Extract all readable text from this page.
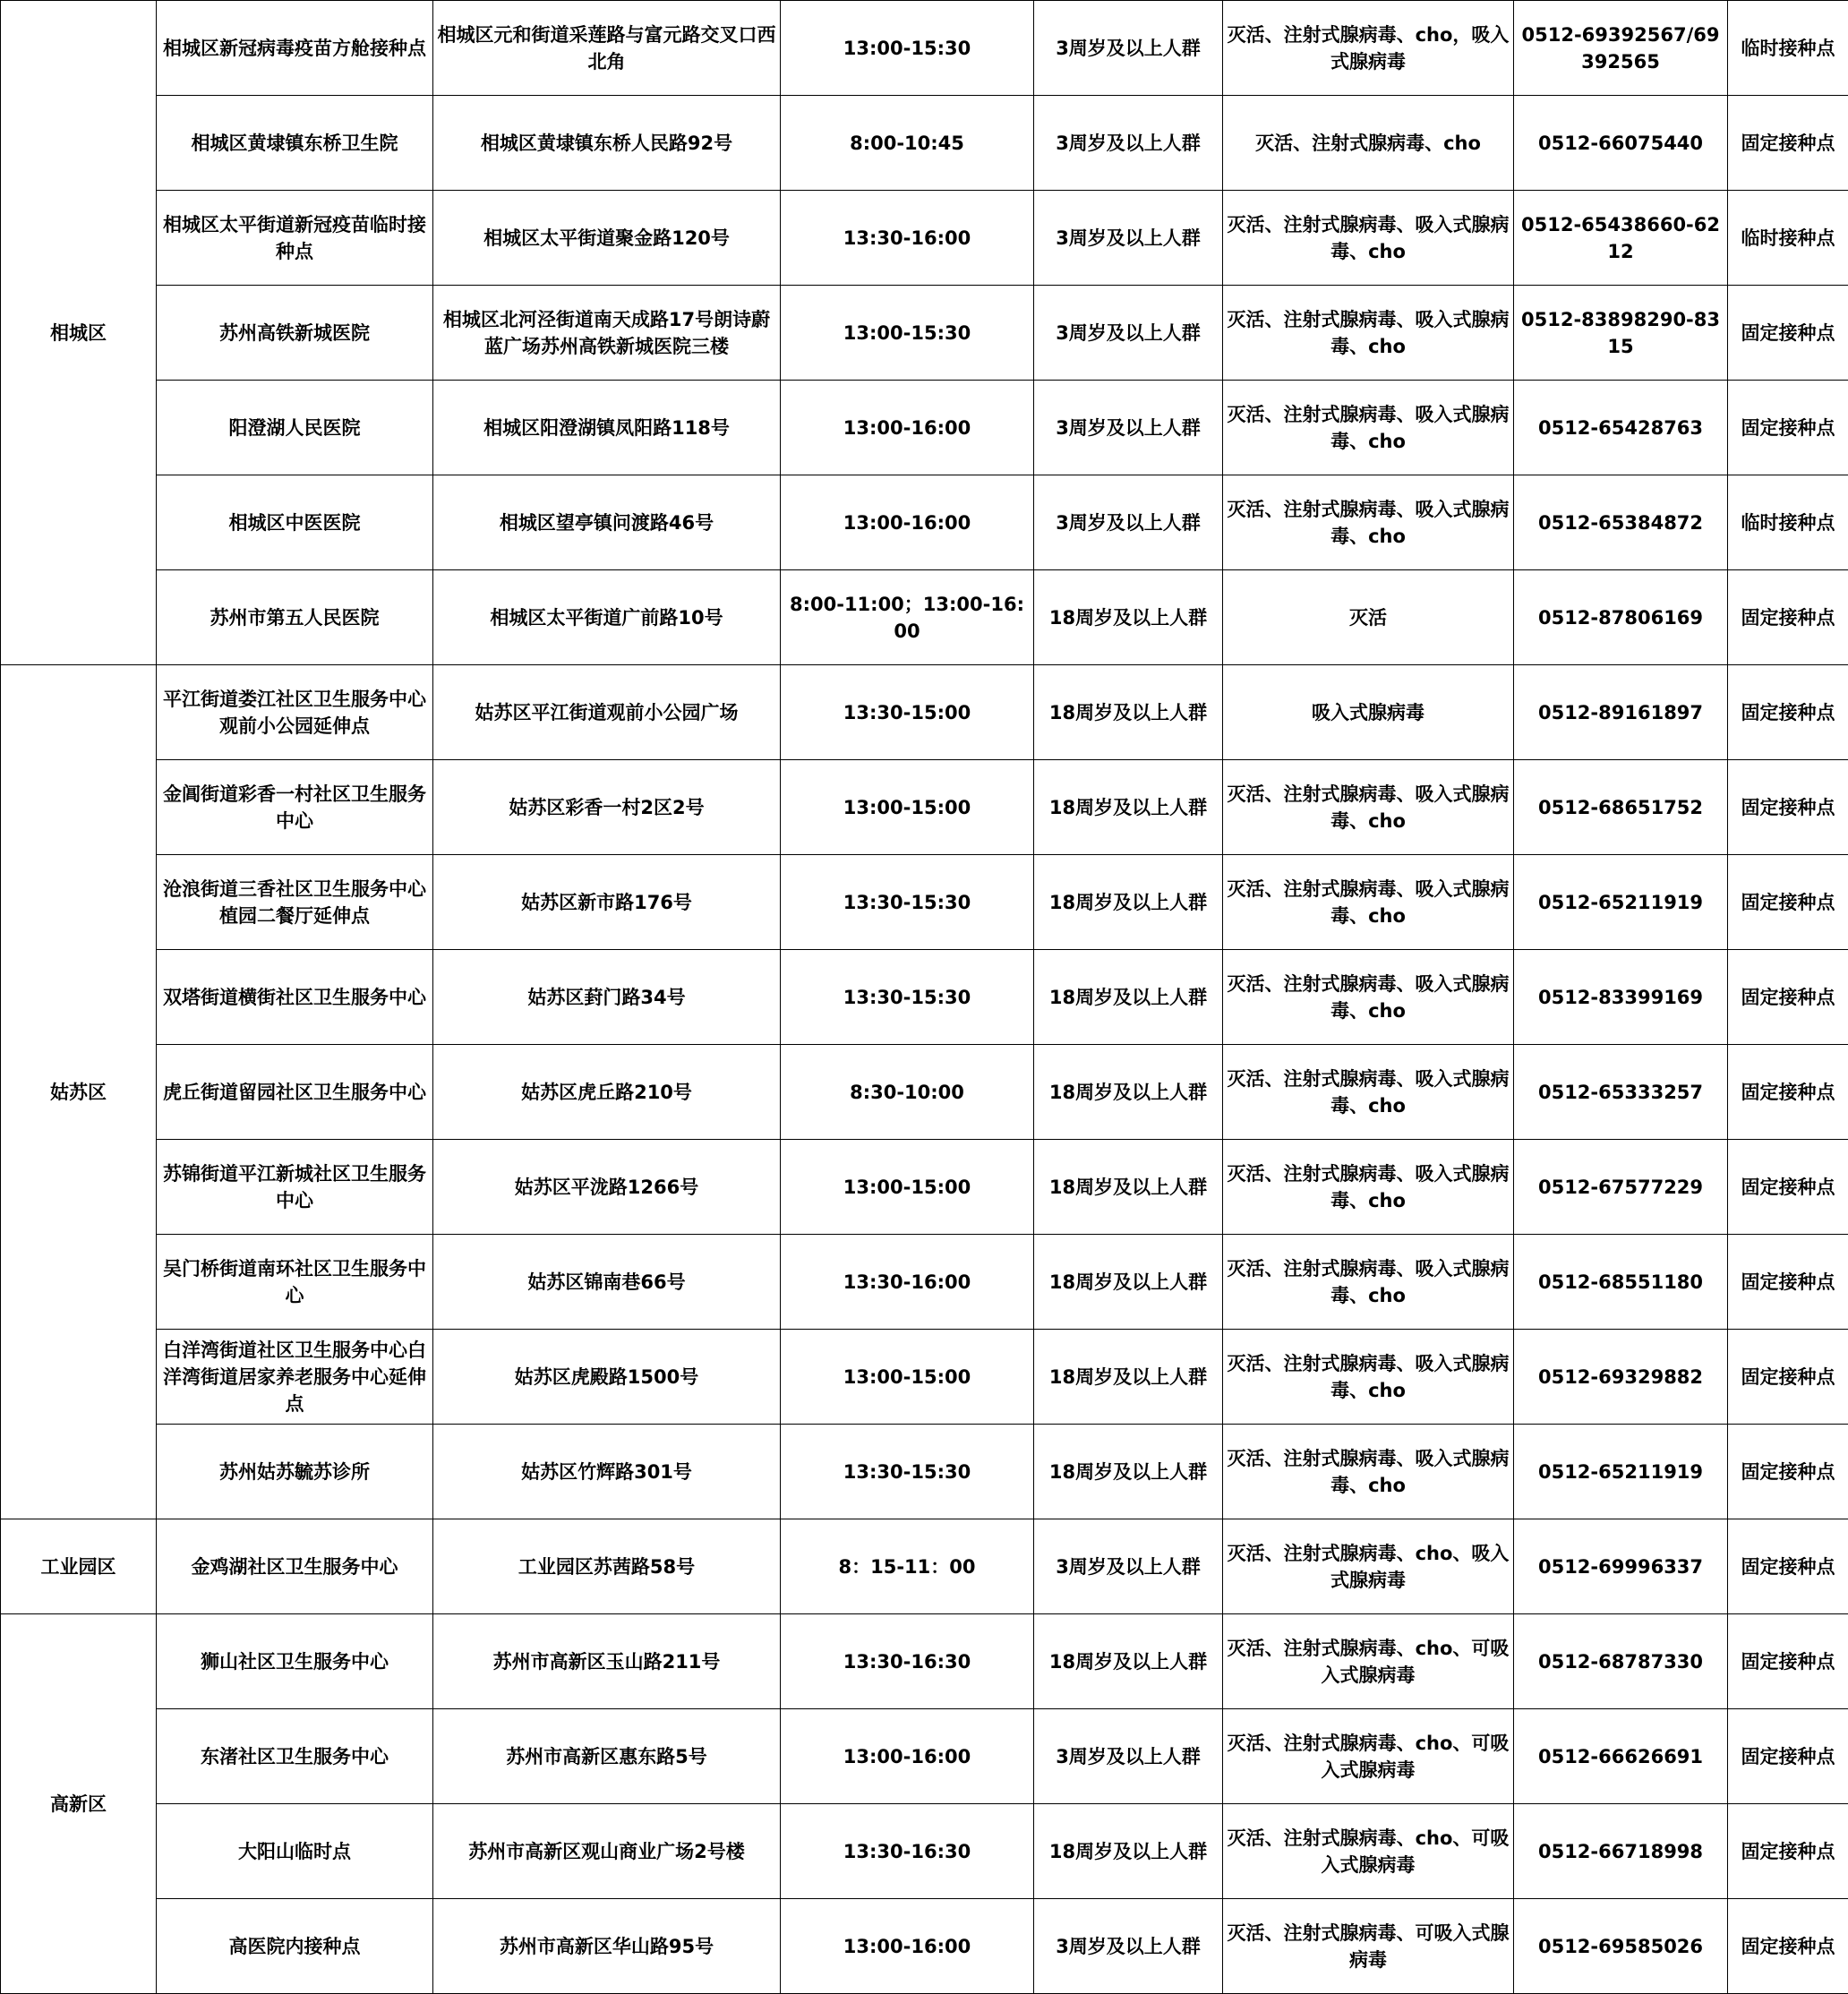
相城区	相城区新冠病毒疫苗方舱接种点	相城区元和街道采莲路与富元路交叉口西北角	13:00-15:30	3周岁及以上人群	灭活、注射式腺病毒、cho，吸入式腺病毒	0512-69392567/69392565	临时接种点
	相城区黄埭镇东桥卫生院	相城区黄埭镇东桥人民路92号	8:00-10:45	3周岁及以上人群	灭活、注射式腺病毒、cho	0512-66075440	固定接种点
	相城区太平街道新冠疫苗临时接种点	相城区太平街道聚金路120号	13:30-16:00	3周岁及以上人群	灭活、注射式腺病毒、吸入式腺病毒、cho	0512-65438660-6212	临时接种点
	苏州高铁新城医院	相城区北河泾街道南天成路17号朗诗蔚蓝广场苏州高铁新城医院三楼	13:00-15:30	3周岁及以上人群	灭活、注射式腺病毒、吸入式腺病毒、cho	0512-83898290-8315	固定接种点
	阳澄湖人民医院	相城区阳澄湖镇凤阳路118号	13:00-16:00	3周岁及以上人群	灭活、注射式腺病毒、吸入式腺病毒、cho	0512-65428763	固定接种点
	相城区中医医院	相城区望亭镇问渡路46号	13:00-16:00	3周岁及以上人群	灭活、注射式腺病毒、吸入式腺病毒、cho	0512-65384872	临时接种点
	苏州市第五人民医院	相城区太平街道广前路10号	8:00-11:00；13:00-16:00	18周岁及以上人群	灭活	0512-87806169	固定接种点
姑苏区	平江街道娄江社区卫生服务中心观前小公园延伸点	姑苏区平江街道观前小公园广场	13:30-15:00	18周岁及以上人群	吸入式腺病毒	0512-89161897	固定接种点
	金阊街道彩香一村社区卫生服务中心	姑苏区彩香一村2区2号	13:00-15:00	18周岁及以上人群	灭活、注射式腺病毒、吸入式腺病毒、cho	0512-68651752	固定接种点
	沧浪街道三香社区卫生服务中心植园二餐厅延伸点	姑苏区新市路176号	13:30-15:30	18周岁及以上人群	灭活、注射式腺病毒、吸入式腺病毒、cho	0512-65211919	固定接种点
	双塔街道横街社区卫生服务中心	姑苏区葑门路34号	13:30-15:30	18周岁及以上人群	灭活、注射式腺病毒、吸入式腺病毒、cho	0512-83399169	固定接种点
	虎丘街道留园社区卫生服务中心	姑苏区虎丘路210号	8:30-10:00	18周岁及以上人群	灭活、注射式腺病毒、吸入式腺病毒、cho	0512-65333257	固定接种点
	苏锦街道平江新城社区卫生服务中心	姑苏区平泷路1266号	13:00-15:00	18周岁及以上人群	灭活、注射式腺病毒、吸入式腺病毒、cho	0512-67577229	固定接种点
	吴门桥街道南环社区卫生服务中心	姑苏区锦南巷66号	13:30-16:00	18周岁及以上人群	灭活、注射式腺病毒、吸入式腺病毒、cho	0512-68551180	固定接种点
	白洋湾街道社区卫生服务中心白洋湾街道居家养老服务中心延伸点	姑苏区虎殿路1500号	13:00-15:00	18周岁及以上人群	灭活、注射式腺病毒、吸入式腺病毒、cho	0512-69329882	固定接种点
	苏州姑苏毓苏诊所	姑苏区竹辉路301号	13:30-15:30	18周岁及以上人群	灭活、注射式腺病毒、吸入式腺病毒、cho	0512-65211919	固定接种点
工业园区	金鸡湖社区卫生服务中心	工业园区苏茜路58号	8：15-11：00	3周岁及以上人群	灭活、注射式腺病毒、cho、吸入式腺病毒	0512-69996337	固定接种点
高新区	狮山社区卫生服务中心	苏州市高新区玉山路211号	13:30-16:30	18周岁及以上人群	灭活、注射式腺病毒、cho、可吸入式腺病毒	0512-68787330	固定接种点
	东渚社区卫生服务中心	苏州市高新区惠东路5号	13:00-16:00	3周岁及以上人群	灭活、注射式腺病毒、cho、可吸入式腺病毒	0512-66626691	固定接种点
	大阳山临时点	苏州市高新区观山商业广场2号楼	13:30-16:30	18周岁及以上人群	灭活、注射式腺病毒、cho、可吸入式腺病毒	0512-66718998	固定接种点
	高医院内接种点	苏州市高新区华山路95号	13:00-16:00	3周岁及以上人群	灭活、注射式腺病毒、可吸入式腺病毒	0512-69585026	固定接种点
